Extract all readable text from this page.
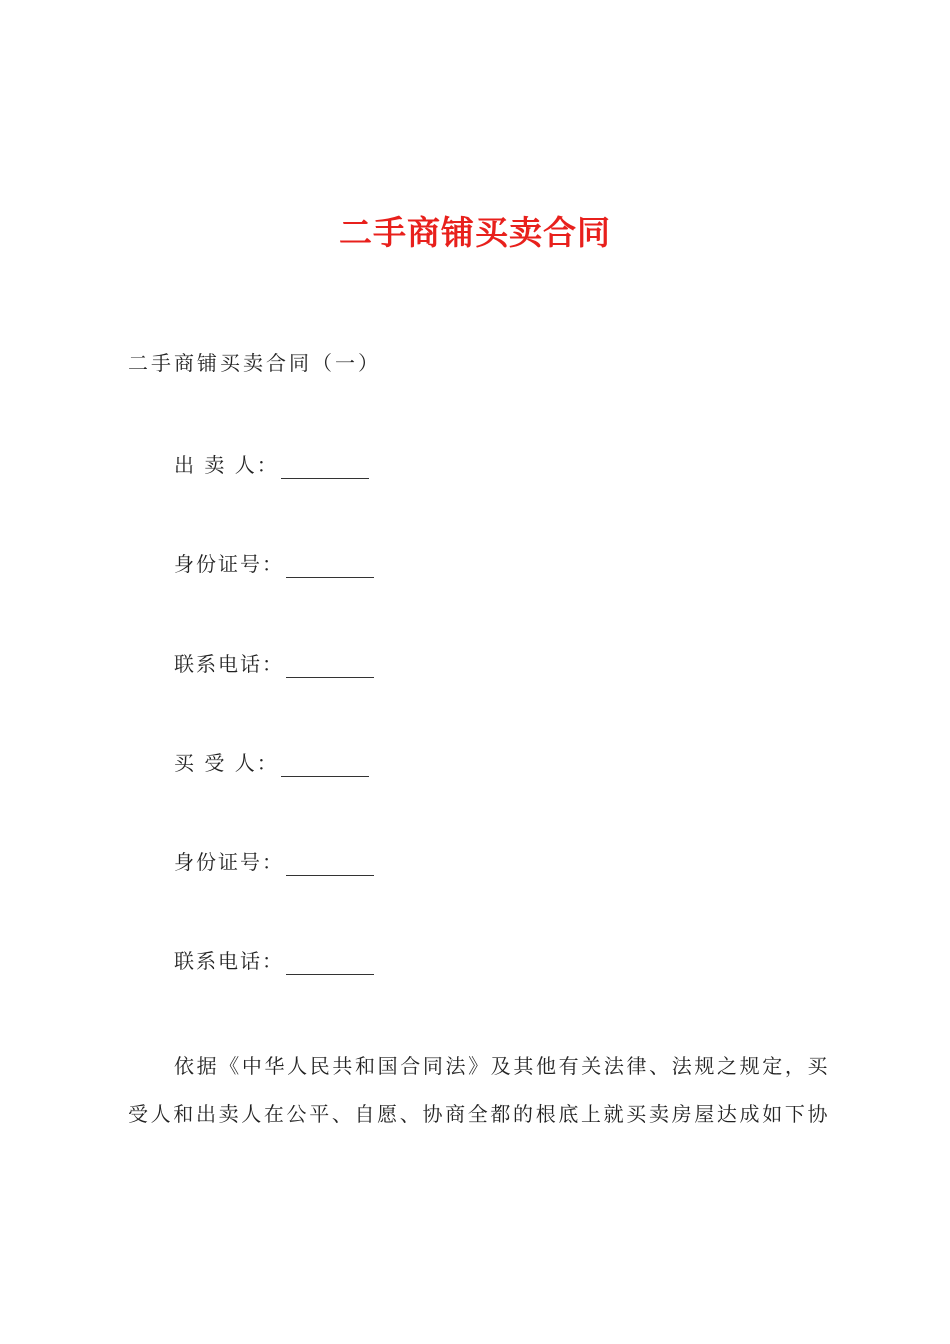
二手商铺买卖合同
二手商铺买卖合同（一）
出 卖 人 ：
身份证号 ：
联系电话 ：
买 受 人 ：
身份证号 ：
联系电话 ：
依据《中华人民共和国合同法》及其他有关法律、法规之规定，买受人和出卖人在公平、自愿、协商全都的根底上就买卖房屋达成如下协
